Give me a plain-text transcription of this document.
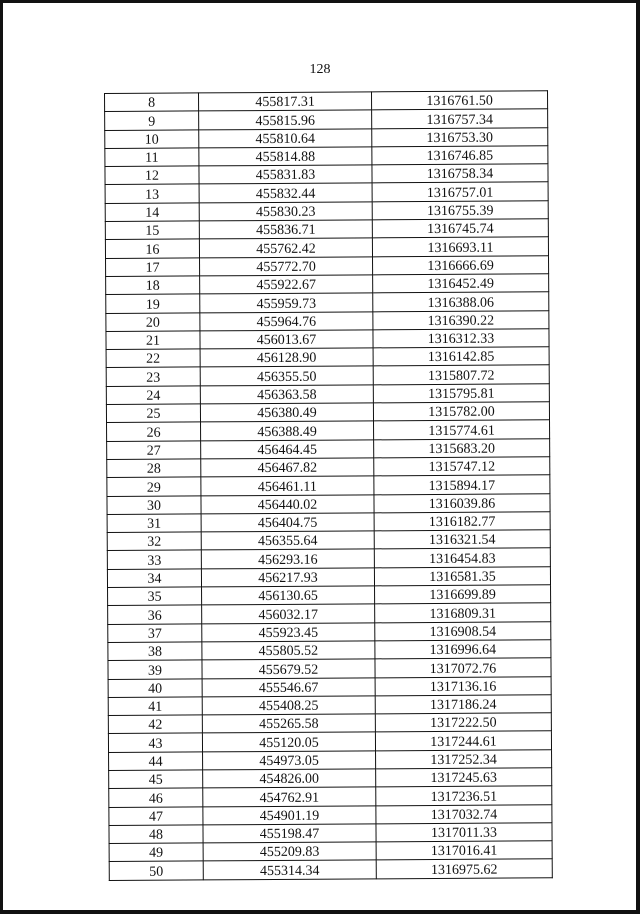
128
8	455817.31	1316761.50
9	455815.96	1316757.34
10	455810.64	1316753.30
11	455814.88	1316746.85
12	455831.83	1316758.34
13	455832.44	1316757.01
14	455830.23	1316755.39
15	455836.71	1316745.74
16	455762.42	1316693.11
17	455772.70	1316666.69
18	455922.67	1316452.49
19	455959.73	1316388.06
20	455964.76	1316390.22
21	456013.67	1316312.33
22	456128.90	1316142.85
23	456355.50	1315807.72
24	456363.58	1315795.81
25	456380.49	1315782.00
26	456388.49	1315774.61
27	456464.45	1315683.20
28	456467.82	1315747.12
29	456461.11	1315894.17
30	456440.02	1316039.86
31	456404.75	1316182.77
32	456355.64	1316321.54
33	456293.16	1316454.83
34	456217.93	1316581.35
35	456130.65	1316699.89
36	456032.17	1316809.31
37	455923.45	1316908.54
38	455805.52	1316996.64
39	455679.52	1317072.76
40	455546.67	1317136.16
41	455408.25	1317186.24
42	455265.58	1317222.50
43	455120.05	1317244.61
44	454973.05	1317252.34
45	454826.00	1317245.63
46	454762.91	1317236.51
47	454901.19	1317032.74
48	455198.47	1317011.33
49	455209.83	1317016.41
50	455314.34	1316975.62
